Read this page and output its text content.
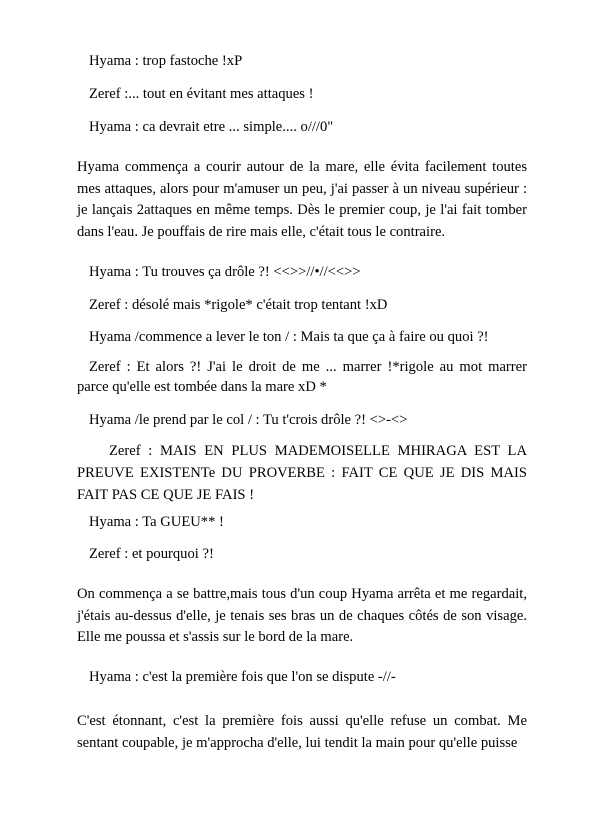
Hyama : trop fastoche !xP
Zeref :... tout en évitant mes attaques !
Hyama : ca devrait etre ... simple.... o///0"
Hyama commença a courir autour de la mare, elle évita facilement toutes mes attaques, alors pour m'amuser un peu, j'ai passer à un niveau supérieur : je lançais 2attaques en même temps. Dès le premier coup, je l'ai fait tomber dans l'eau. Je pouffais de rire mais elle, c'était tous le contraire.
Hyama : Tu trouves ça drôle ?! <<>>//•//<<>>
Zeref : désolé mais *rigole* c'était trop tentant !xD
Hyama /commence a lever le ton / : Mais ta que ça à faire ou quoi ?!
Zeref : Et alors ?! J'ai le droit de me ... marrer !*rigole au mot marrer parce qu'elle est tombée dans la mare xD *
Hyama /le prend par le col / : Tu t'crois drôle ?! <>-<>
Zeref : MAIS EN PLUS MADEMOISELLE MHIRAGA EST LA PREUVE EXISTENTe DU PROVERBE : FAIT CE QUE JE DIS MAIS FAIT PAS CE QUE JE FAIS !
Hyama : Ta GUEU** !
Zeref : et pourquoi ?!
On commença a se battre,mais tous d'un coup Hyama arrêta et me regardait, j'étais au-dessus d'elle, je tenais ses bras un de chaques côtés de son visage. Elle me poussa et s'assis sur le bord de la mare.
Hyama : c'est la première fois que l'on se dispute -//-
C'est étonnant, c'est la première fois aussi qu'elle refuse un combat. Me sentant coupable, je m'approcha d'elle, lui tendit la main pour qu'elle puisse
